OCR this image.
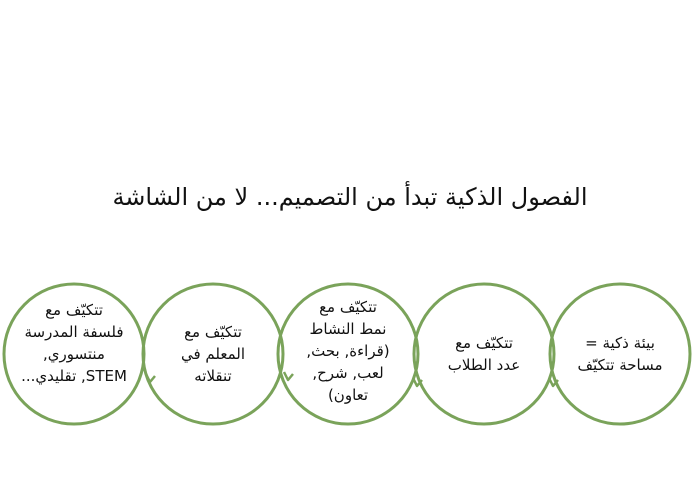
الفصول الذكية تبدأ من التصميم... لا من الشاشة
بيئة ذكية =
مساحة تتكيّف
تتكيّف مع
عدد الطلاب
تتكيّف مع
نمط النشاط
(قراءة, بحث,
لعب, شرح,
تعاون)
تتكيّف مع
المعلم في
تنقلاته
تتكيّف مع
فلسفة المدرسة
منتسوري,
STEM, تقليدي...
